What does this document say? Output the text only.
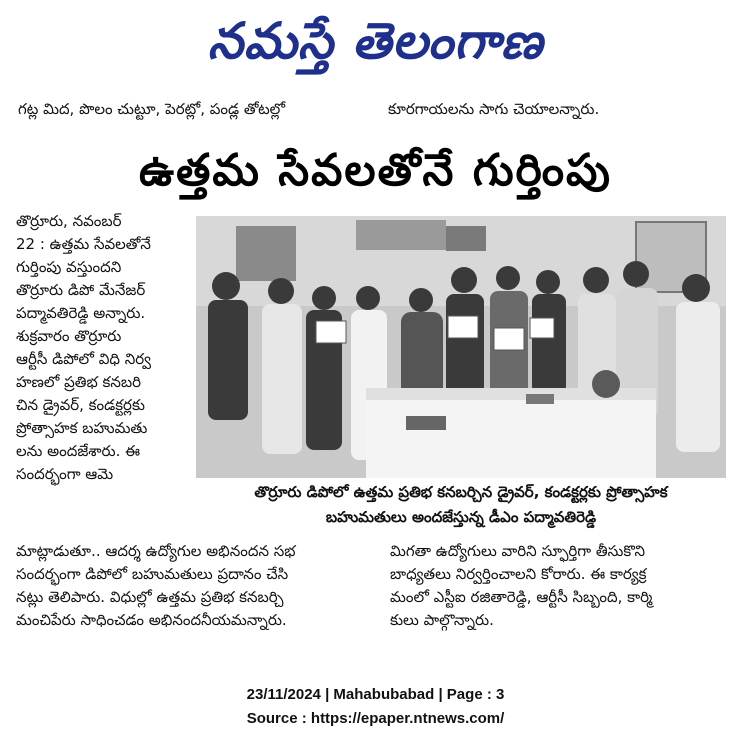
నమస్తే తెలంగాణ
గట్ల మిద, పొలం చుట్టూ, పెరట్లో, పండ్ల తోటల్లో	కూరగాయలను సాగు చెయాలన్నారు.
ఉత్తమ సేవలతోనే గుర్తింపు

తొర్రూరు, నవంబర్

22 : ఉత్తమ సేవలతోనే

గుర్తింపు వస్తుందని

తొర్రూరు డిపో మేనేజర్

పద్మావతిరెడ్డి అన్నారు.

శుక్రవారం తొర్రూరు

ఆర్టీసీ డిపోలో విధి నిర్వ

హణలో ప్రతిభ కనబరి

చిన డ్రైవర్, కండక్టర్లకు

ప్రోత్సాహక బహుమతు

లను అందజేశారు. ఈ

సందర్భంగా ఆమె

తొర్రూరు డిపోలో ఉత్తమ ప్రతిభ కనబర్చిన డ్రైవర్, కండక్టర్లకు ప్రోత్సాహక
బహుమతులు అందజేస్తున్న డీఎం పద్మావతిరెడ్డి

మాట్లాడుతూ.. ఆదర్శ ఉద్యోగుల అభినందన సభ

సందర్భంగా డిపోలో బహుమతులు ప్రదానం చేసి

నట్లు తెలిపారు. విధుల్లో ఉత్తమ ప్రతిభ కనబర్చి

మంచిపేరు సాధించడం అభినందనీయమన్నారు.

మిగతా ఉద్యోగులు వారిని స్ఫూర్తిగా తీసుకొని

బాధ్యతలు నిర్వర్తించాలని కోరారు. ఈ కార్యక్ర

మంలో ఎస్టీఐ రజితారెడ్డి, ఆర్టీసీ సిబ్బంది, కార్మి

కులు పాల్గొన్నారు.

23/11/2024 | Mahabubabad | Page : 3
Source : https://epaper.ntnews.com/
